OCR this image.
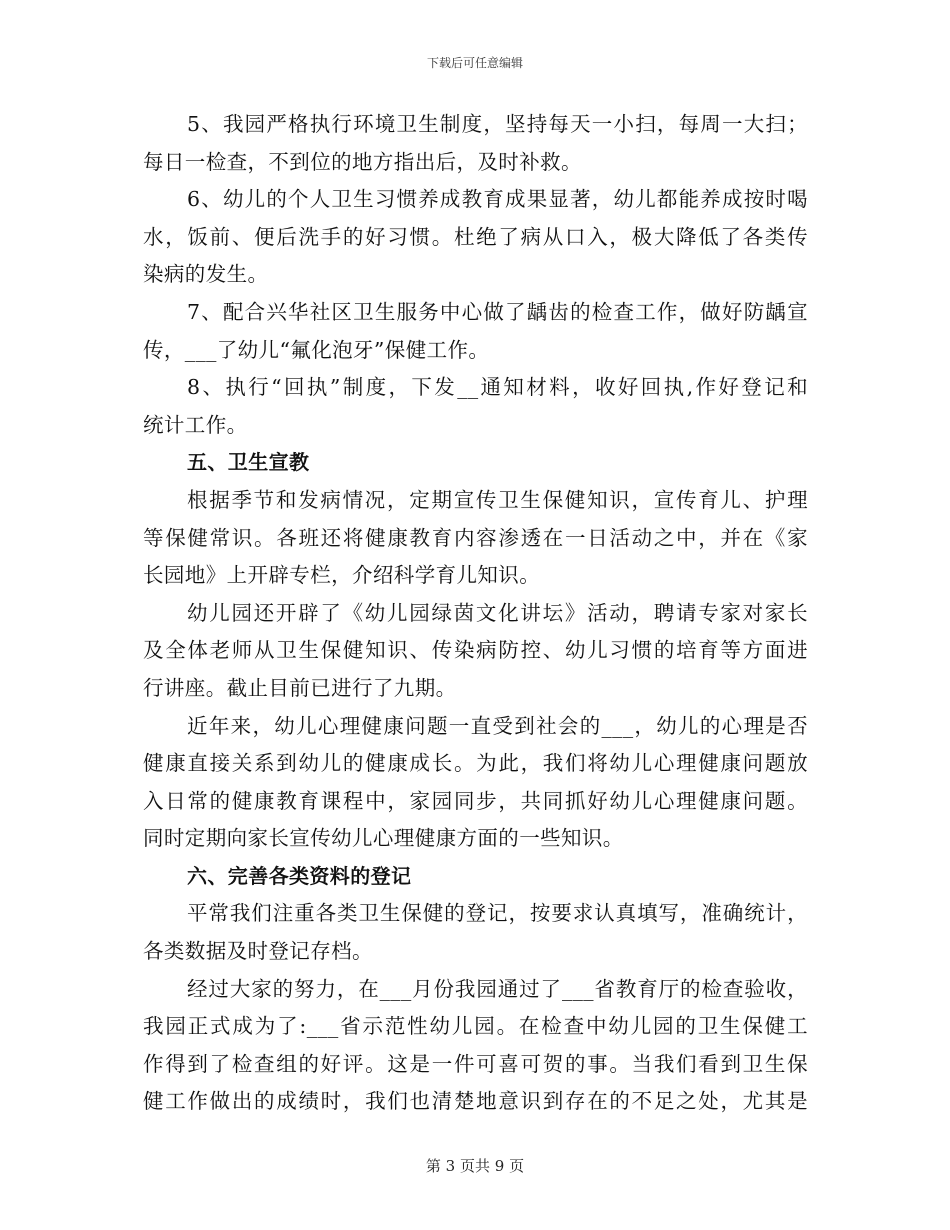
下载后可任意编辑
5、我园严格执行环境卫生制度，坚持每天一小扫，每周一大扫；
每日一检查，不到位的地方指出后，及时补救。
6、幼儿的个人卫生习惯养成教育成果显著，幼儿都能养成按时喝
水，饭前、便后洗手的好习惯。杜绝了病从口入，极大降低了各类传
染病的发生。
7、配合兴华社区卫生服务中心做了龋齿的检查工作，做好防龋宣
传，___了幼儿“氟化泡牙”保健工作。
8、执行“回执”制度，下发__通知材料，收好回执,作好登记和
统计工作。
五、卫生宣教
根据季节和发病情况，定期宣传卫生保健知识，宣传育儿、护理
等保健常识。各班还将健康教育内容渗透在一日活动之中，并在《家
长园地》上开辟专栏，介绍科学育儿知识。
幼儿园还开辟了《幼儿园绿茵文化讲坛》活动，聘请专家对家长
及全体老师从卫生保健知识、传染病防控、幼儿习惯的培育等方面进
行讲座。截止目前已进行了九期。
近年来，幼儿心理健康问题一直受到社会的___，幼儿的心理是否
健康直接关系到幼儿的健康成长。为此，我们将幼儿心理健康问题放
入日常的健康教育课程中，家园同步，共同抓好幼儿心理健康问题。
同时定期向家长宣传幼儿心理健康方面的一些知识。
六、完善各类资料的登记
平常我们注重各类卫生保健的登记，按要求认真填写，准确统计，
各类数据及时登记存档。
经过大家的努力，在___月份我园通过了___省教育厅的检查验收，
我园正式成为了:___省示范性幼儿园。在检查中幼儿园的卫生保健工
作得到了检查组的好评。这是一件可喜可贺的事。当我们看到卫生保
健工作做出的成绩时，我们也清楚地意识到存在的不足之处，尤其是
第 3 页共 9 页
